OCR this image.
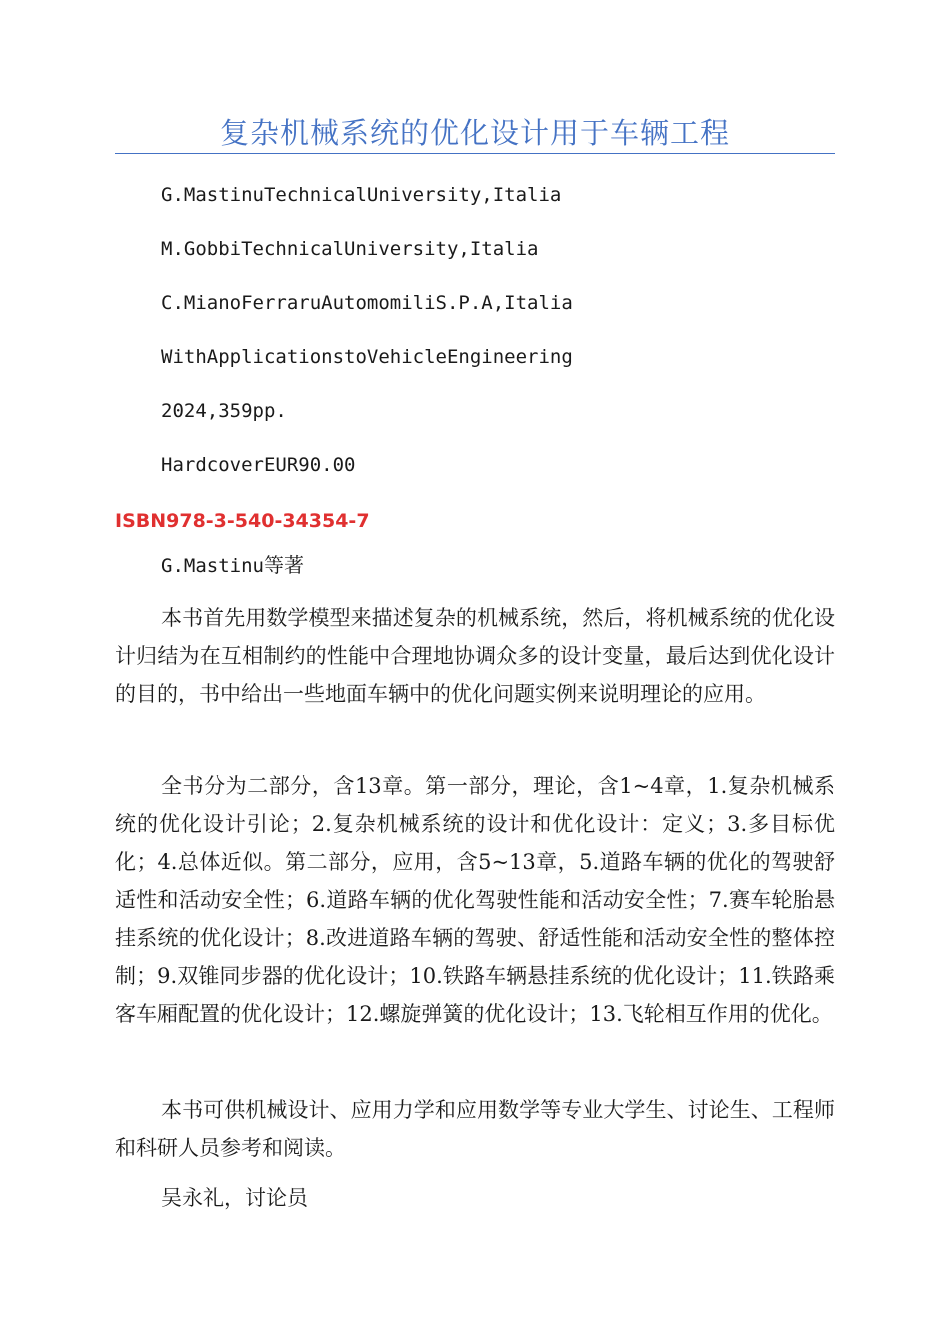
复杂机械系统的优化设计用于车辆工程
G.MastinuTechnicalUniversity,Italia
M.GobbiTechnicalUniversity,Italia
C.MianoFerraruAutomomiliS.P.A,Italia
WithApplicationstoVehicleEngineering
2024,359pp.
HardcoverEUR90.00
ISBN978-3-540-34354-7
G.Mastinu等著

本书首先用数学模型来描述复杂的机械系统，然后，将机械系统的优化设计归结为在互相制约的性能中合理地协调众多的设计变量，最后达到优化设计的目的，书中给出一些地面车辆中的优化问题实例来说明理论的应用。

全书分为二部分，含13章。第一部分，理论，含1~4章，1.复杂机械系统的优化设计引论；2.复杂机械系统的设计和优化设计：定义；3.多目标优化；4.总体近似。第二部分，应用，含5~13章，5.道路车辆的优化的驾驶舒适性和活动安全性；6.道路车辆的优化驾驶性能和活动安全性；7.赛车轮胎悬挂系统的优化设计；8.改进道路车辆的驾驶、舒适性能和活动安全性的整体控制；9.双锥同步器的优化设计；10.铁路车辆悬挂系统的优化设计；11.铁路乘客车厢配置的优化设计；12.螺旋弹簧的优化设计；13.飞轮相互作用的优化。

本书可供机械设计、应用力学和应用数学等专业大学生、讨论生、工程师和科研人员参考和阅读。

吴永礼，讨论员
